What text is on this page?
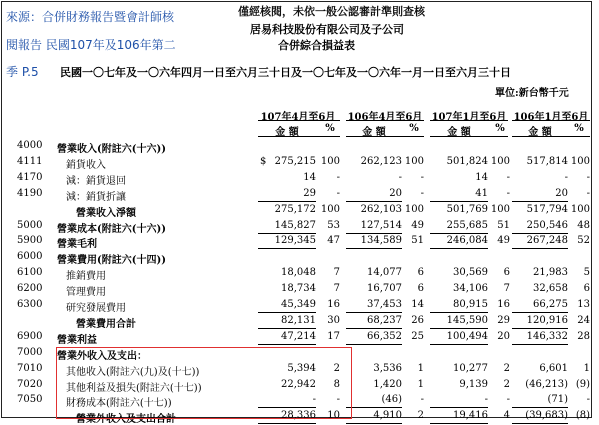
來源：合併財務報告暨會計師核
閱報告 民國107年及106年第二
季 P.5
僅經核閱，未依一般公認審計準則查核
居易科技股份有限公司及子公司
合併綜合損益表
民國一〇七年及一〇六年四月一日至六月三十日及一〇七年及一〇六年一月一日至六月三十日
單位:新台幣千元
107年4月至6月	106年4月至6月 107年1月至6月 106年1月至6月
金 額	%	金 額	%	金 額	%	金 額	%
4000 營業收入(附註六(十六))
4111 銷貨收入	$ 275,215 100	262,123 100	501,824 100	517,814 100
4170 減：銷貨退回	14	-	-	-	14	-	-	-
4190 減：銷貨折讓	29	-	20	-	41	-	20	-
營業收入淨額	275,172 100	262,103 100	501,769 100	517,794 100
5000 營業成本(附註六(十六))	145,827	53	127,514 49	255,685 51	250,546 48
5900 營業毛利	129,345	47	134,589 51	246,084 49	267,248 52
6000 營業費用(附註六(十四))
6100 推銷費用	18,048	7	14,077	6	30,569	6	21,983	5
6200 管理費用	18,734	7	16,707	6	34,106	7	32,658	6
6300 研究發展費用	45,349	16	37,453 14	80,915 16	66,275 13
營業費用合計	82,131	30	68,237 26	145,590 29	120,916 24
6900 營業利益	47,214	17	66,352 25	100,494 20	146,332 28
7000 營業外收入及支出：
7010 其他收入(附註六(九)及(十七))	5,394	2	3,536	1	10,277	2	6,601	1
7020 其他利益及損失(附註六(十七))	22,942	8	1,420	1	9,139	2	(46,213) (9)
7050 財務成本(附註六(十七))	-	-	(46)	-	-	-	(71)	-
營業外收入及支出合計	28,336	10	4,910	2	19,416	4	(39,683) (8)
